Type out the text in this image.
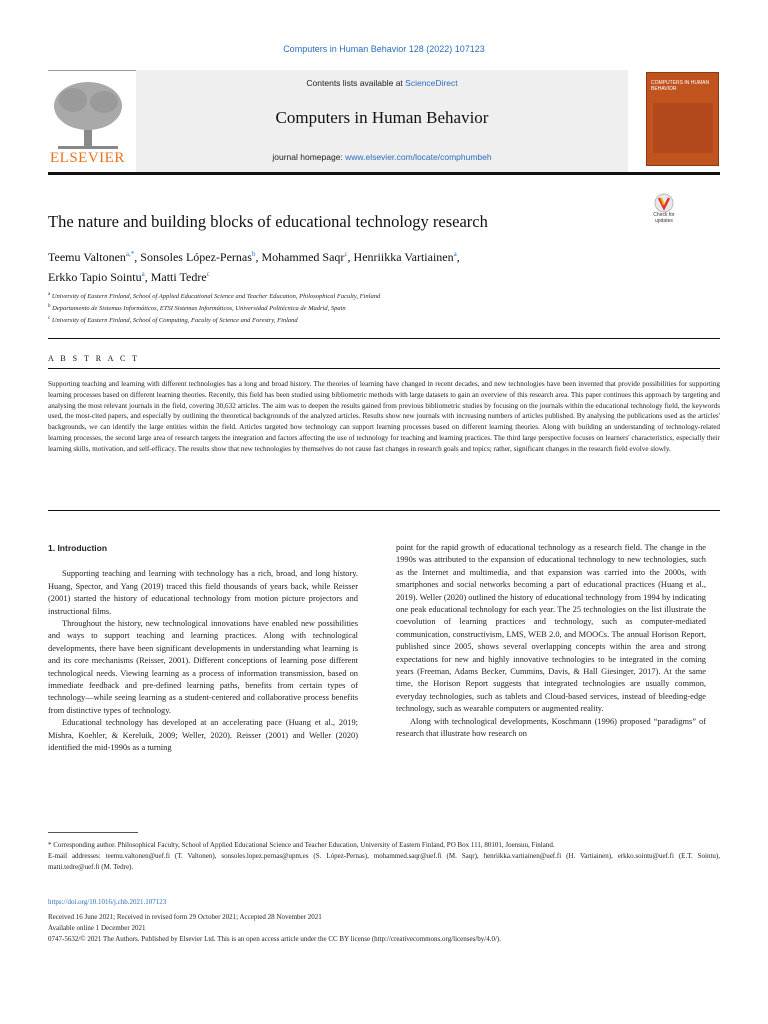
Computers in Human Behavior 128 (2022) 107123
ELSEVIER
Contents lists available at ScienceDirect
Computers in Human Behavior
journal homepage: www.elsevier.com/locate/comphumbeh
COMPUTERS IN HUMAN BEHAVIOR
The nature and building blocks of educational technology research	Check for updates
Teemu Valtonen$^{a,*}$, Sonsoles López-Pernas$^b$, Mohammed Saqr$^c$, Henriikka Vartiainen$^a$,
Erkko Tapio Sointu$^a$, Matti Tedre$^c$
$^a$ University of Eastern Finland, School of Applied Educational Science and Teacher Education, Philosophical Faculty, Finland
$^b$ Departamento de Sistemas Informáticos, ETSI Sistemas Informáticos, Universidad Politécnica de Madrid, Spain
$^c$ University of Eastern Finland, School of Computing, Faculty of Science and Forestry, Finland
A B S T R A C T
Supporting teaching and learning with different technologies has a long and broad history. The theories of learning have changed in recent decades, and new technologies have been invented that provide possibilities for supporting learning processes based on different learning theories. Recently, this field has been studied using bibliometric methods with large datasets to gain an overview of this research area. This paper continues this approach by targeting and analysing the most relevant journals in the field, covering 30,632 articles. The aim was to deepen the results gained from previous bibliometric studies by focusing on the journals within the educational technology field, the keywords used, the most-cited papers, and especially by outlining the theoretical backgrounds of the analyzed articles. Results show new journals with increasing numbers of articles published. By analysing the publications used as the articles' backgrounds, we can identify the large entities within the field. Articles targeted how technology can support learning processes based on different learning theories. Along with building an understanding of technology-related learning processes, the second large area of research targets the integration and factors affecting the use of technology for teaching and learning practices. The third large perspective focuses on learners' characteristics, especially their learning skills, motivation, and self-efficacy. The results show that new technologies by themselves do not cause fast changes in research goals and topics; rather, significant changes in the research field evolve slowly.
1. Introduction

Supporting teaching and learning with technology has a rich, broad, and long history. Huang, Spector, and Yang (2019) traced this field thousands of years back, while Reisser (2001) started the history of educational technology from motion picture projectors and instructional films.

Throughout the history, new technological innovations have enabled new possibilities and ways to support teaching and learning practices. Along with technological developments, there have been significant developments in understanding what learning is and its core mechanisms (Reisser, 2001). Different conceptions of learning pose different technological needs. Viewing learning as a process of information transmission, based on immediate feedback and pre-defined learning paths, benefits from certain types of technology—while seeing learning as a student-centered and collaborative process benefits from distinctive types of technology.

Educational technology has developed at an accelerating pace (Huang et al., 2019; Mishra, Koehler, & Kereluik, 2009; Weller, 2020). Reisser (2001) and Weller (2020) identified the mid-1990s as a turning

point for the rapid growth of educational technology as a research field. The change in the 1990s was attributed to the expansion of educational technology to new technologies, such as the Internet and multimedia, and that expansion was carried into the 2000s, with smartphones and social networks becoming a part of educational practices (Huang et al., 2019). Weller (2020) outlined the history of educational technology from 1994 by indicating one peak educational technology for each year. The 25 technologies on the list illustrate the coevolution of learning practices and technology, such as computer-mediated communication, constructivism, LMS, WEB 2.0, and MOOCs. The annual Horison Report, published since 2005, shows several overlapping concepts within the area and strong expectations for new and highly innovative technologies to be integrated in the coming years (Freeman, Adams Becker, Cummins, Davis, & Hall Giesinger, 2017). At the same time, the Horison Report suggests that integrated technologies are usually common, everyday technologies, such as tablets and Cloud-based services, instead of bleeding-edge technology, such as wearable computers or augmented reality.

Along with technological developments, Koschmann (1996) proposed “paradigms” of research that illustrate how research on

* Corresponding author. Philosophical Faculty, School of Applied Educational Science and Teacher Education, University of Eastern Finland, PO Box 111, 80101, Joensuu, Finland.
E-mail addresses: teemu.valtonen@uef.fi (T. Valtonen), sonsoles.lopez.pernas@upm.es (S. López-Pernas), mohammed.saqr@uef.fi (M. Saqr), henriikka.vartiainen@uef.fi (H. Vartiainen), erkko.sointu@uef.fi (E.T. Sointu), matti.tedre@uef.fi (M. Tedre).
https://doi.org/10.1016/j.chb.2021.107123
Received 16 June 2021; Received in revised form 29 October 2021; Accepted 28 November 2021
Available online 1 December 2021
0747-5632/© 2021 The Authors. Published by Elsevier Ltd. This is an open access article under the CC BY license (http://creativecommons.org/licenses/by/4.0/).
